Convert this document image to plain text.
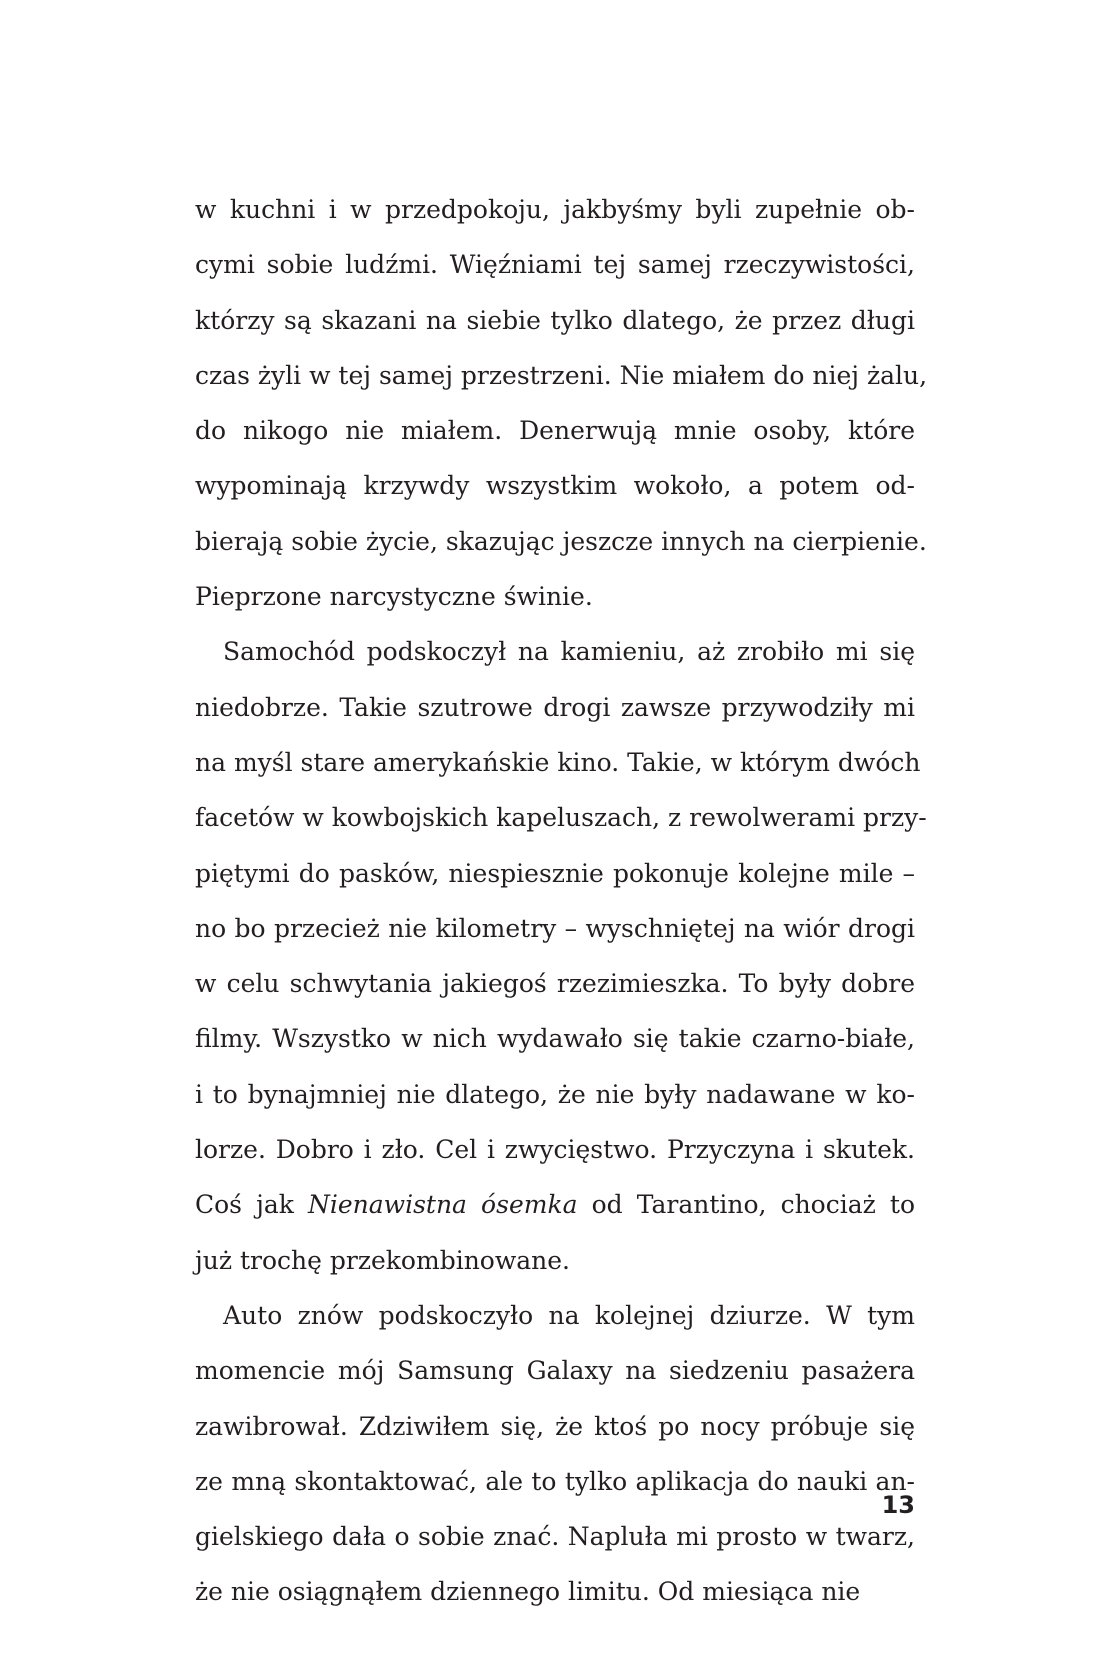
w kuchni i w przedpokoju, jakbyśmy byli zupełnie ob-
cymi sobie ludźmi. Więźniami tej samej rzeczywistości,
którzy są skazani na siebie tylko dlatego, że przez długi
czas żyli w tej samej przestrzeni. Nie miałem do niej żalu,
do nikogo nie miałem. Denerwują mnie osoby, które
wypominają krzywdy wszystkim wokoło, a potem od-
bierają sobie życie, skazując jeszcze innych na cierpienie.
Pieprzone narcystyczne świnie.
Samochód podskoczył na kamieniu, aż zrobiło mi się
niedobrze. Takie szutrowe drogi zawsze przywodziły mi
na myśl stare amerykańskie kino. Takie, w którym dwóch
facetów w kowbojskich kapeluszach, z rewolwerami przy-
piętymi do pasków, niespiesznie pokonuje kolejne mile –
no bo przecież nie kilometry – wyschniętej na wiór drogi
w celu schwytania jakiegoś rzezimieszka. To były dobre
filmy. Wszystko w nich wydawało się takie czarno-białe,
i to bynajmniej nie dlatego, że nie były nadawane w ko-
lorze. Dobro i zło. Cel i zwycięstwo. Przyczyna i skutek.
Coś jak Nienawistna ósemka od Tarantino, chociaż to
już trochę przekombinowane.
Auto znów podskoczyło na kolejnej dziurze. W tym
momencie mój Samsung Galaxy na siedzeniu pasażera
zawibrował. Zdziwiłem się, że ktoś po nocy próbuje się
ze mną skontaktować, ale to tylko aplikacja do nauki an-
gielskiego dała o sobie znać. Napluła mi prosto w twarz,
że nie osiągnąłem dziennego limitu. Od miesiąca nie
13
